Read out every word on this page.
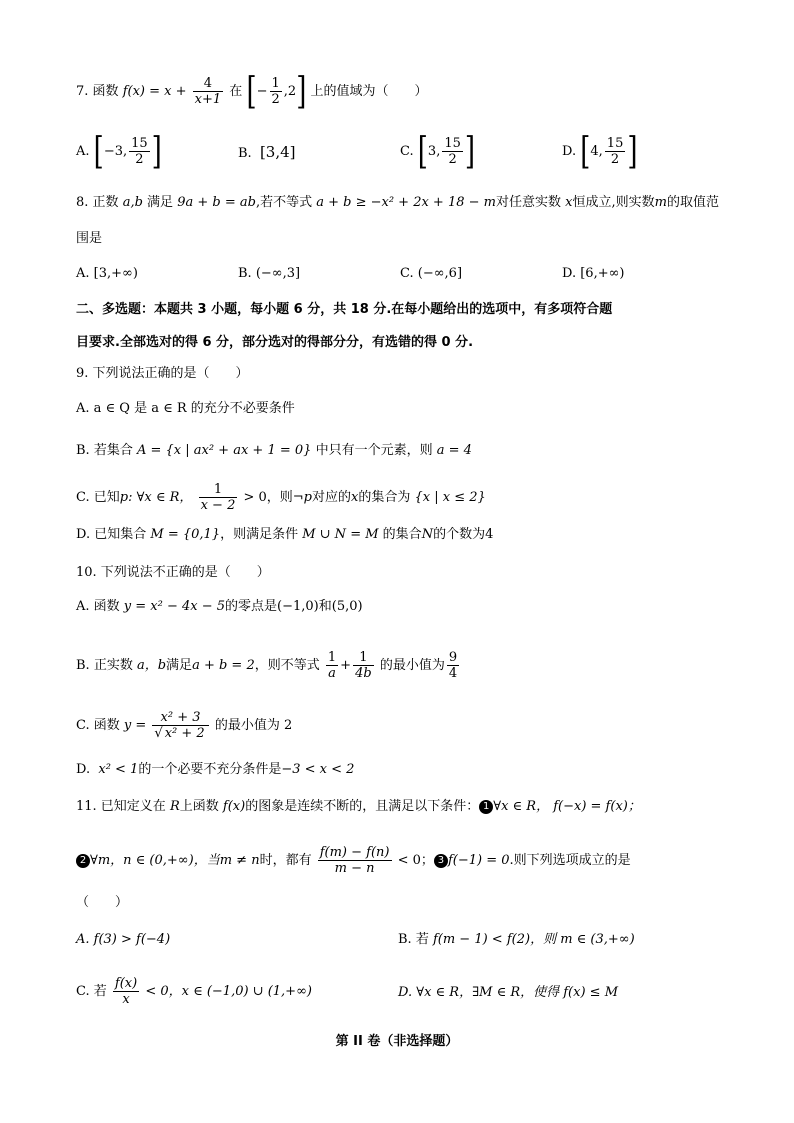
7. 函数 $f(x) = x + \frac{4}{x+1}$ 在 [− $\frac{1}{2} ,2$] 上的值域为（　　）
A. [−3, $\frac{15}{2}$ ]	B. [3,4]	C. [3, $\frac{15}{2}$ ]	D. [4, $\frac{15}{2}$ ]
8. 正数 a,b 满足 9a + b = ab,若不等式 a + b ≥ −x² + 2x + 18 − m对任意实数 x恒成立,则实数m的取值范
围是
A. [3,+∞)	B. (−∞,3]	C. (−∞,6]	D. [6,+∞)
二、多选题：本题共 3 小题，每小题 6 分，共 18 分.在每小题给出的选项中，有多项符合题
目要求.全部选对的得 6 分，部分选对的得部分分，有选错的得 0 分.
9. 下列说法正确的是（　　）
A. a ∈ Q 是 a ∈ R 的充分不必要条件
B. 若集合 A = {x | ax² + ax + 1 = 0} 中只有一个元素，则 a = 4
C. 已知p: ∀x ∈ R， $\frac{1}{x - 2} > 0$，则¬p对应的x的集合为 {x | x ≤ 2}
D. 已知集合 M = {0,1}，则满足条件 M ∪ N = M 的集合N的个数为4
10. 下列说法不正确的是（　　）
A. 函数 y = x² − 4x − 5的零点是(−1,0)和(5,0)
B. 正实数 a，b满足a + b = 2，则不等式 $\frac{1}{a} + \frac{1}{4b}$ 的最小值为 $\frac{9}{4}$
C. 函数 $y = \frac{\text{x² + 3}}{\text{√ x² + 2}}$ 的最小值为 2
D. x² < 1的一个必要不充分条件是−3 < x < 2
11. 已知定义在 R上函数 f(x)的图象是连续不断的，且满足以下条件： 1 ∀x ∈ R， f(−x) = f(x)；
2 ∀m，n ∈ (0,+∞)，当m ≠ n时，都有 $\frac{f(m) - f(n)}{m - n} < 0$； 3 f(−1) = 0.则下列选项成立的是
（　　）
A. f(3) > f(−4)	B. 若 f(m − 1) < f(2)，则 m ∈ (3,+∞)
C. 若 $\frac{f(x)}{x} < 0$，x ∈ (−1,0) ∪ (1,+∞)	D. ∀x ∈ R，∃M ∈ R，使得 f(x) ≤ M
第 II 卷（非选择题）
